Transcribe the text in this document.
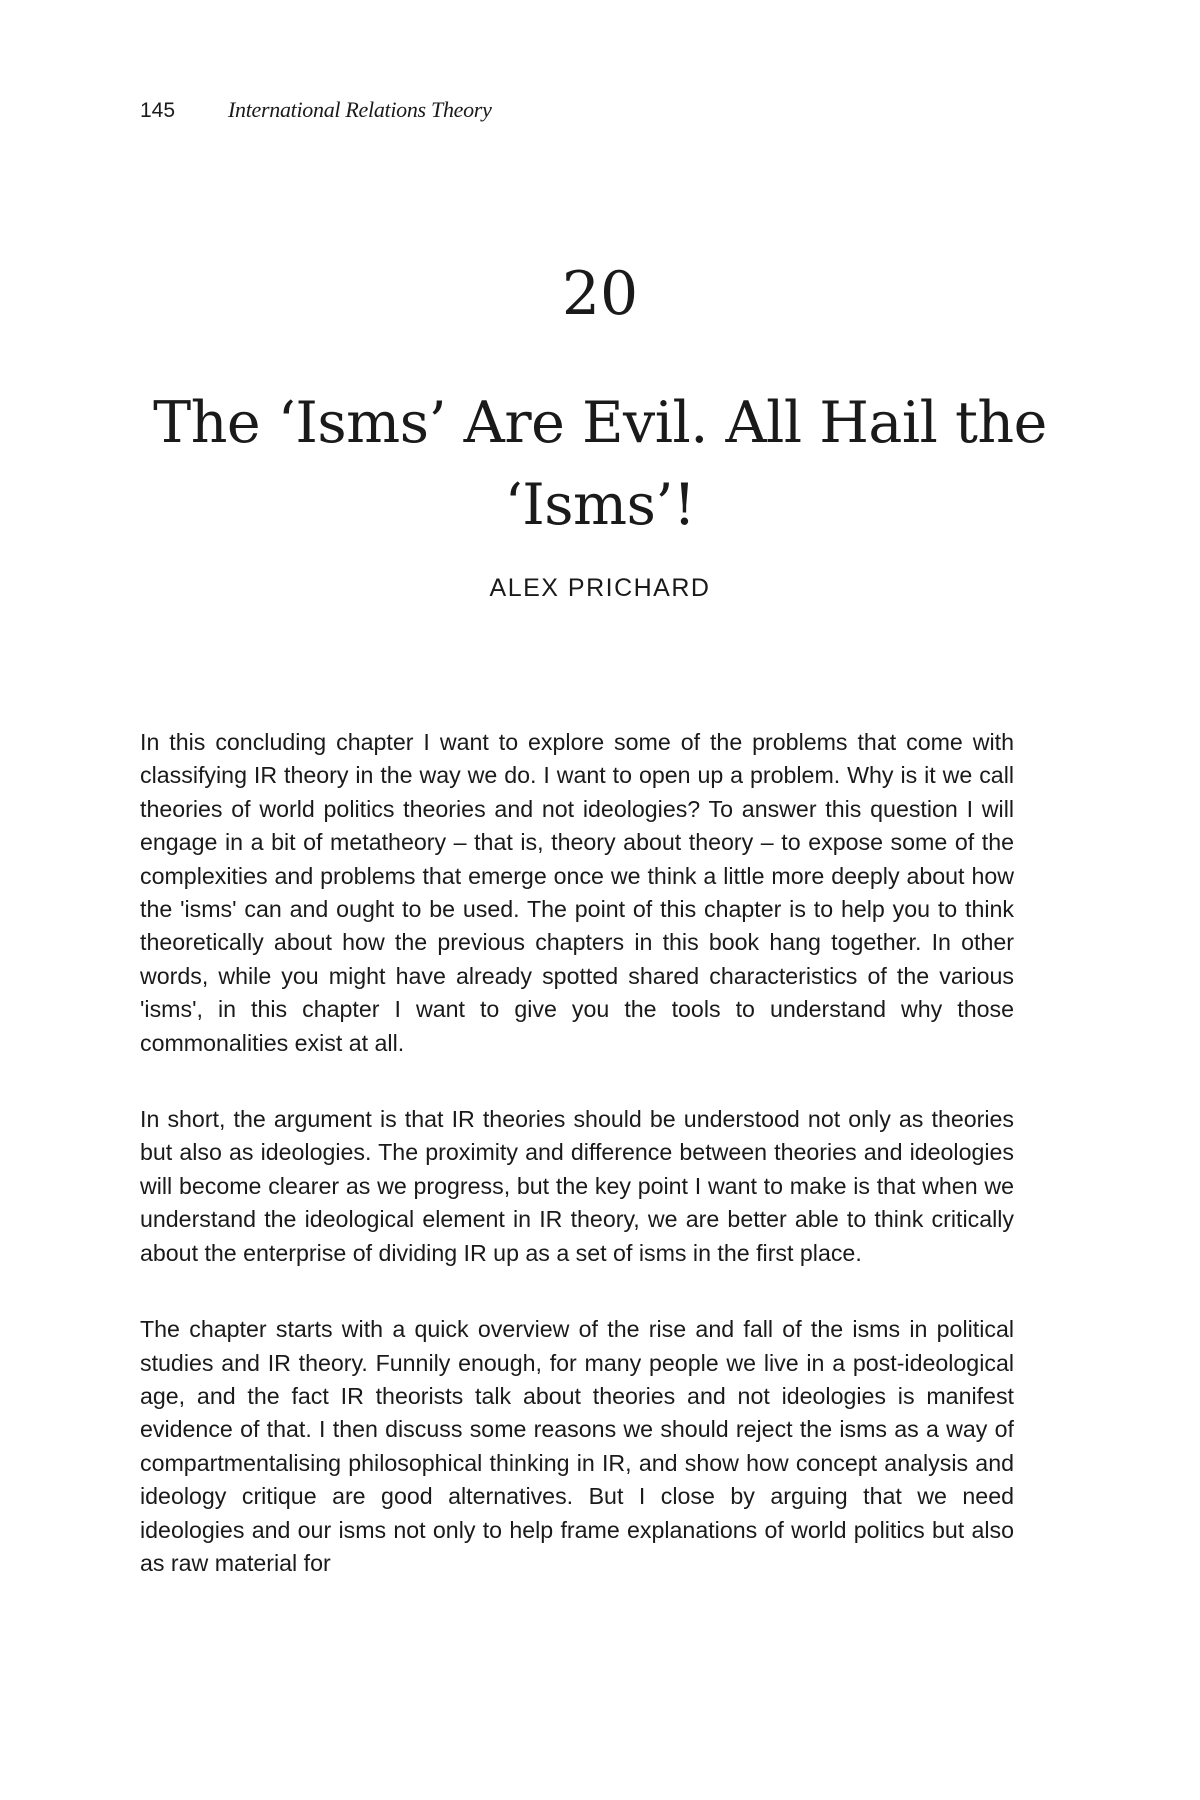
145	International Relations Theory
20
The ‘Isms’ Are Evil. All Hail the ‘Isms’!
ALEX PRICHARD

In this concluding chapter I want to explore some of the problems that come with classifying IR theory in the way we do. I want to open up a problem. Why is it we call theories of world politics theories and not ideologies? To answer this question I will engage in a bit of metatheory – that is, theory about theory – to expose some of the complexities and problems that emerge once we think a little more deeply about how the 'isms' can and ought to be used. The point of this chapter is to help you to think theoretically about how the previous chapters in this book hang together. In other words, while you might have already spotted shared characteristics of the various 'isms', in this chapter I want to give you the tools to understand why those commonalities exist at all.

In short, the argument is that IR theories should be understood not only as theories but also as ideologies. The proximity and difference between theories and ideologies will become clearer as we progress, but the key point I want to make is that when we understand the ideological element in IR theory, we are better able to think critically about the enterprise of dividing IR up as a set of isms in the first place.

The chapter starts with a quick overview of the rise and fall of the isms in political studies and IR theory. Funnily enough, for many people we live in a post-ideological age, and the fact IR theorists talk about theories and not ideologies is manifest evidence of that. I then discuss some reasons we should reject the isms as a way of compartmentalising philosophical thinking in IR, and show how concept analysis and ideology critique are good alternatives. But I close by arguing that we need ideologies and our isms not only to help frame explanations of world politics but also as raw material for
